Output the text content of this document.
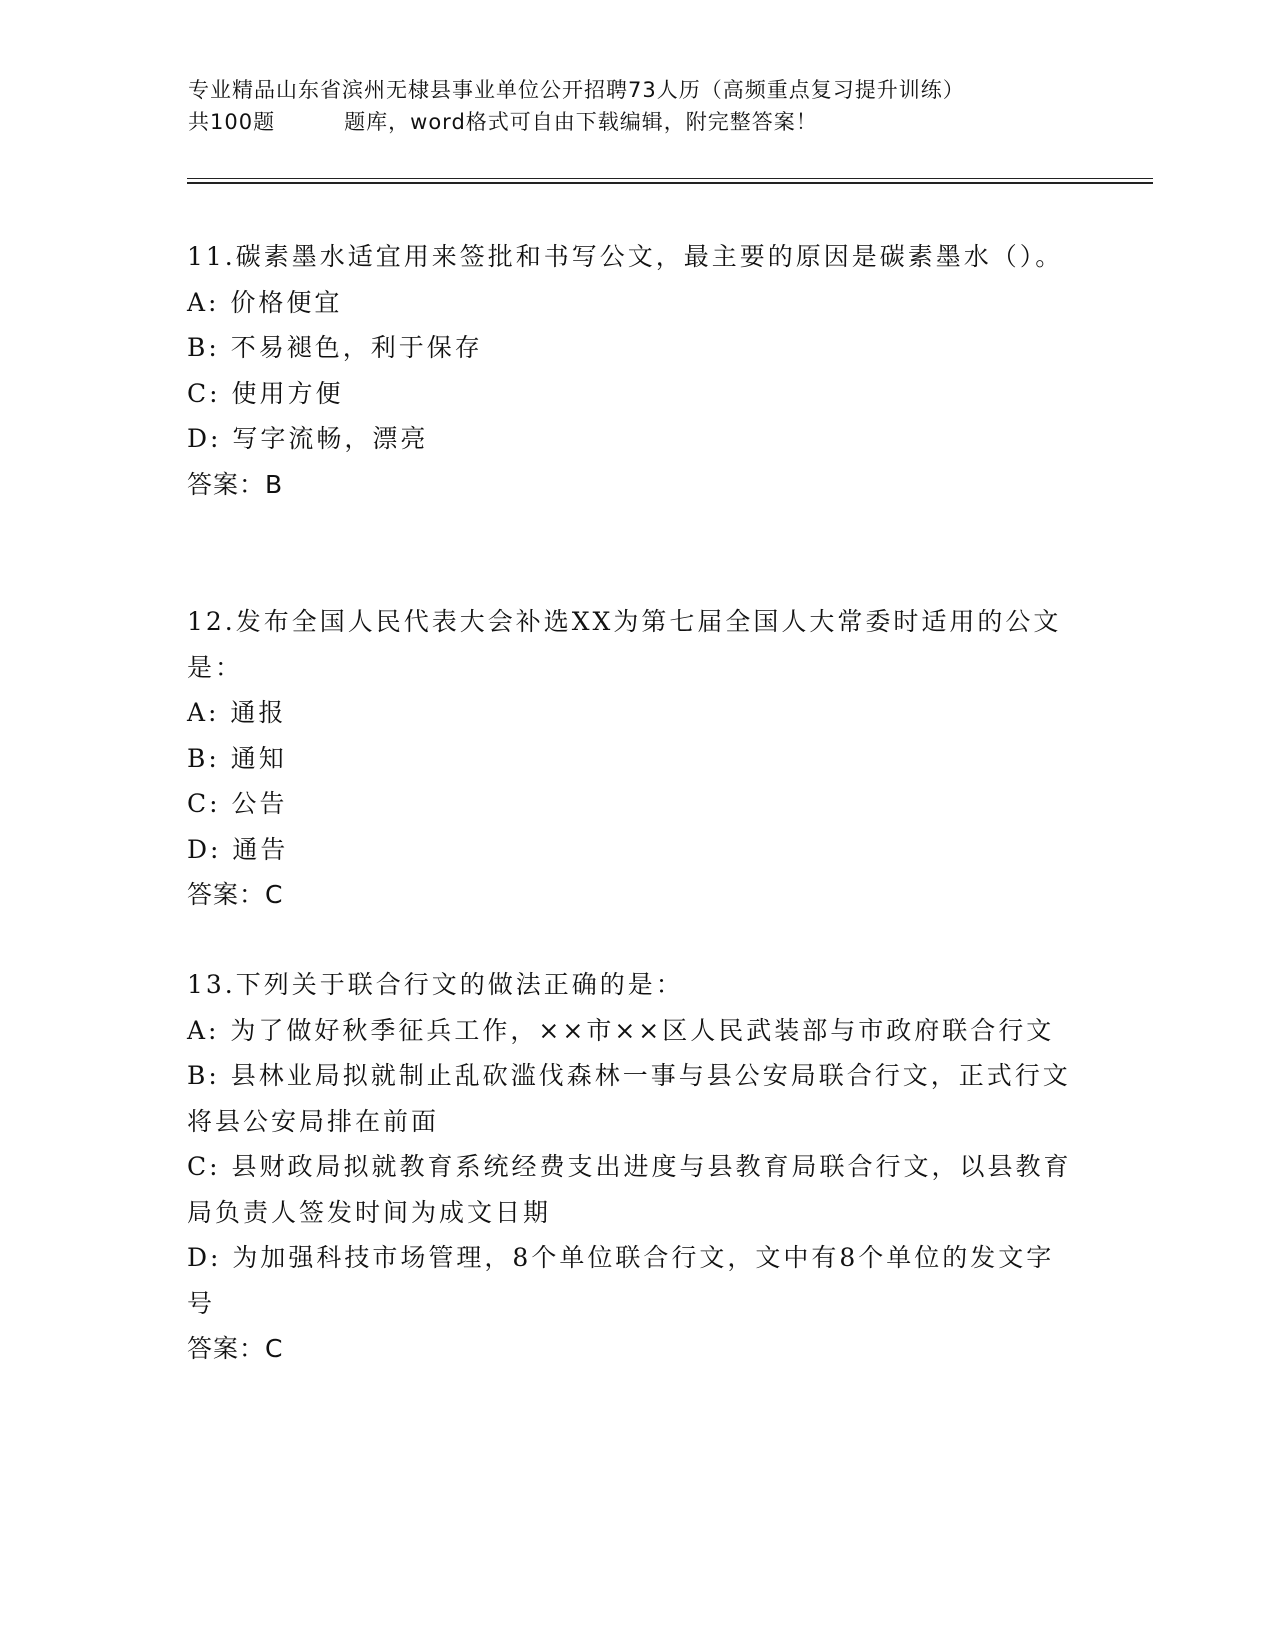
专业精品山东省滨州无棣县事业单位公开招聘73人历（高频重点复习提升训练）
共100题         题库，word格式可自由下载编辑，附完整答案！
11.碳素墨水适宜用来签批和书写公文，最主要的原因是碳素墨水（）。
A: 价格便宜
B: 不易褪色，利于保存
C: 使用方便
D: 写字流畅，漂亮
答案：B
12.发布全国人民代表大会补选XX为第七届全国人大常委时适用的公文是：
A: 通报
B: 通知
C: 公告
D: 通告
答案：C
13.下列关于联合行文的做法正确的是：
A: 为了做好秋季征兵工作，××市××区人民武装部与市政府联合行文
B: 县林业局拟就制止乱砍滥伐森林一事与县公安局联合行文，正式行文将县公安局排在前面
C: 县财政局拟就教育系统经费支出进度与县教育局联合行文，以县教育局负责人签发时间为成文日期
D: 为加强科技市场管理，8个单位联合行文，文中有8个单位的发文字号
答案：C
